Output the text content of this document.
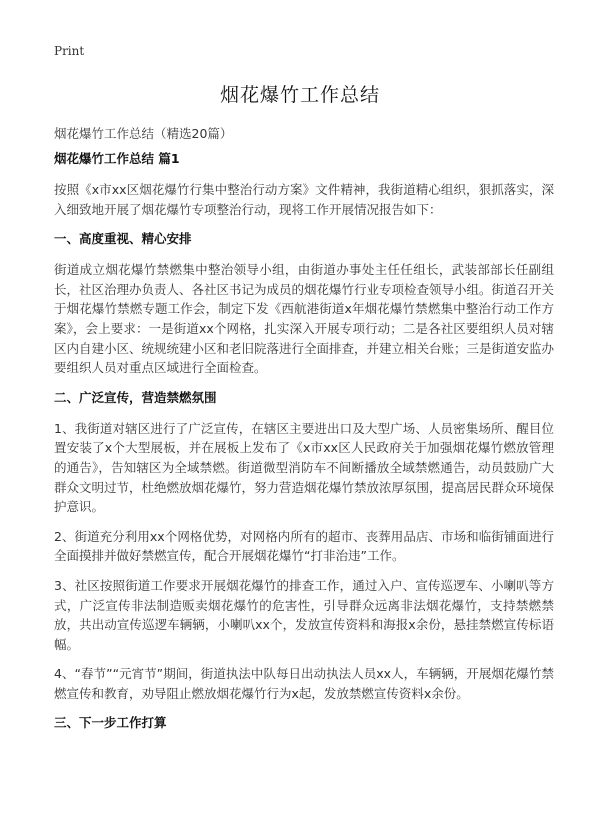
Print
烟花爆竹工作总结
烟花爆竹工作总结（精选20篇）

烟花爆竹工作总结 篇1

按照《x市xx区烟花爆竹行集中整治行动方案》文件精神，我街道精心组织，狠抓落实，深入细致地开展了烟花爆竹专项整治行动，现将工作开展情况报告如下：

一、高度重视、精心安排

街道成立烟花爆竹禁燃集中整治领导小组，由街道办事处主任任组长，武装部部长任副组长，社区治理办负责人、各社区书记为成员的烟花爆竹行业专项检查领导小组。街道召开关于烟花爆竹禁燃专题工作会，制定下发《西航港街道x年烟花爆竹禁燃集中整治行动工作方案》，会上要求：一是街道xx个网格，扎实深入开展专项行动；二是各社区要组织人员对辖区内自建小区、统规统建小区和老旧院落进行全面排查，并建立相关台账；三是街道安监办要组织人员对重点区域进行全面检查。

二、广泛宣传，营造禁燃氛围

1、我街道对辖区进行了广泛宣传，在辖区主要进出口及大型广场、人员密集场所、醒目位置安装了x个大型展板，并在展板上发布了《x市xx区人民政府关于加强烟花爆竹燃放管理的通告》，告知辖区为全域禁燃。街道微型消防车不间断播放全域禁燃通告，动员鼓励广大群众文明过节，杜绝燃放烟花爆竹，努力营造烟花爆竹禁放浓厚氛围，提高居民群众环境保护意识。

2、街道充分利用xx个网格优势，对网格内所有的超市、丧葬用品店、市场和临街铺面进行全面摸排并做好禁燃宣传，配合开展烟花爆竹“打非治违”工作。

3、社区按照街道工作要求开展烟花爆竹的排查工作，通过入户、宣传巡逻车、小喇叭等方式，广泛宣传非法制造贩卖烟花爆竹的危害性，引导群众远离非法烟花爆竹，支持禁燃禁放，共出动宣传巡逻车辆辆，小喇叭xx个，发放宣传资料和海报x余份，悬挂禁燃宣传标语幅。

4、“春节”“元宵节”期间，街道执法中队每日出动执法人员xx人，车辆辆，开展烟花爆竹禁燃宣传和教育，劝导阻止燃放烟花爆竹行为x起，发放禁燃宣传资料x余份。

三、下一步工作打算
